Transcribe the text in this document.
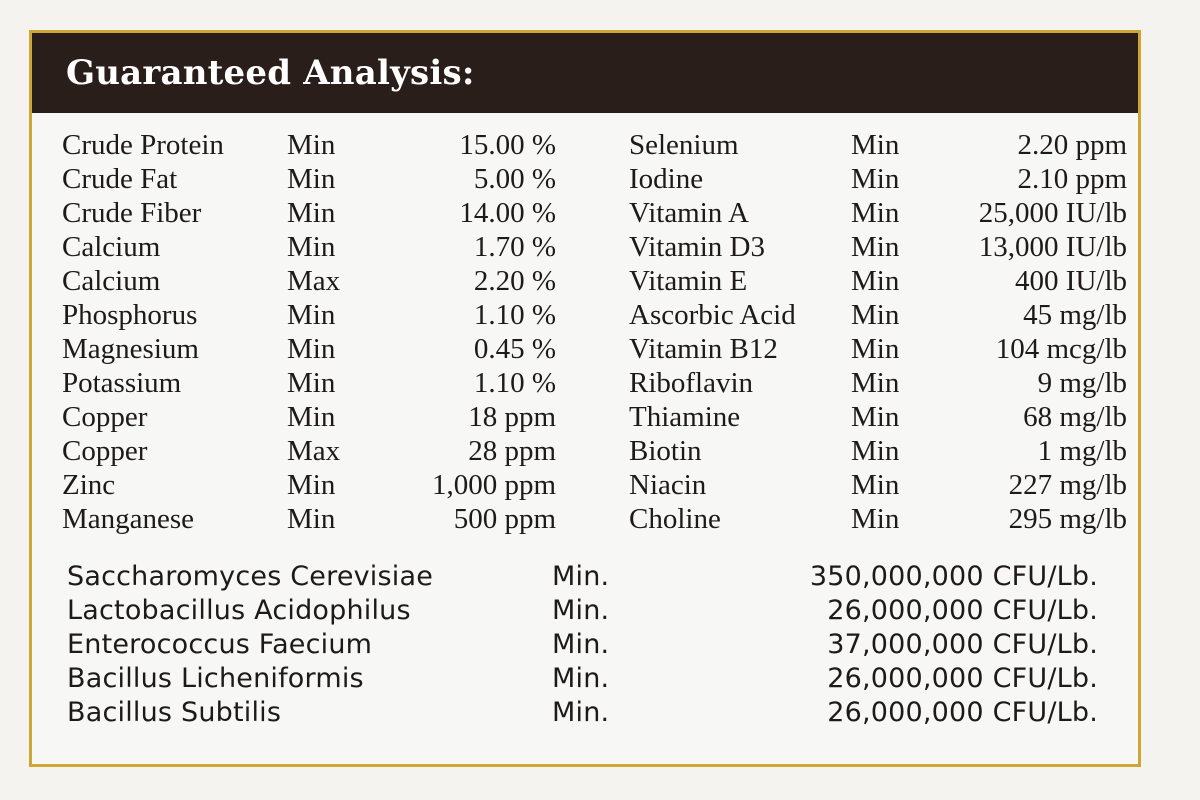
Guaranteed Analysis:
Crude Protein Min	15.00 %
Crude Fat	Min	5.00 %
Crude Fiber	Min	14.00 %
Calcium	Min	1.70 %
Calcium	Max	2.20 %
Phosphorus	Min	1.10 %
Magnesium	Min	0.45 %
Potassium	Min	1.10 %
Copper	Min	18 ppm
Copper	Max	28 ppm
Zinc	Min	1,000 ppm
Manganese	Min	500 ppm
Selenium	Min	2.20 ppm
Iodine	Min	2.10 ppm
Vitamin A	Min	25,000 IU/lb
Vitamin D3	Min	13,000 IU/lb
Vitamin E	Min	400 IU/lb
Ascorbic Acid Min	45 mg/lb
Vitamin B12	Min	104 mcg/lb
Riboflavin	Min	9 mg/lb
Thiamine	Min	68 mg/lb
Biotin	Min	1 mg/lb
Niacin	Min	227 mg/lb
Choline	Min	295 mg/lb
Saccharomyces Cerevisiae	Min.	350,000,000 CFU/Lb.
Lactobacillus Acidophilus	Min.	26,000,000 CFU/Lb.
Enterococcus Faecium	Min.	37,000,000 CFU/Lb.
Bacillus Licheniformis	Min.	26,000,000 CFU/Lb.
Bacillus Subtilis	Min.	26,000,000 CFU/Lb.
